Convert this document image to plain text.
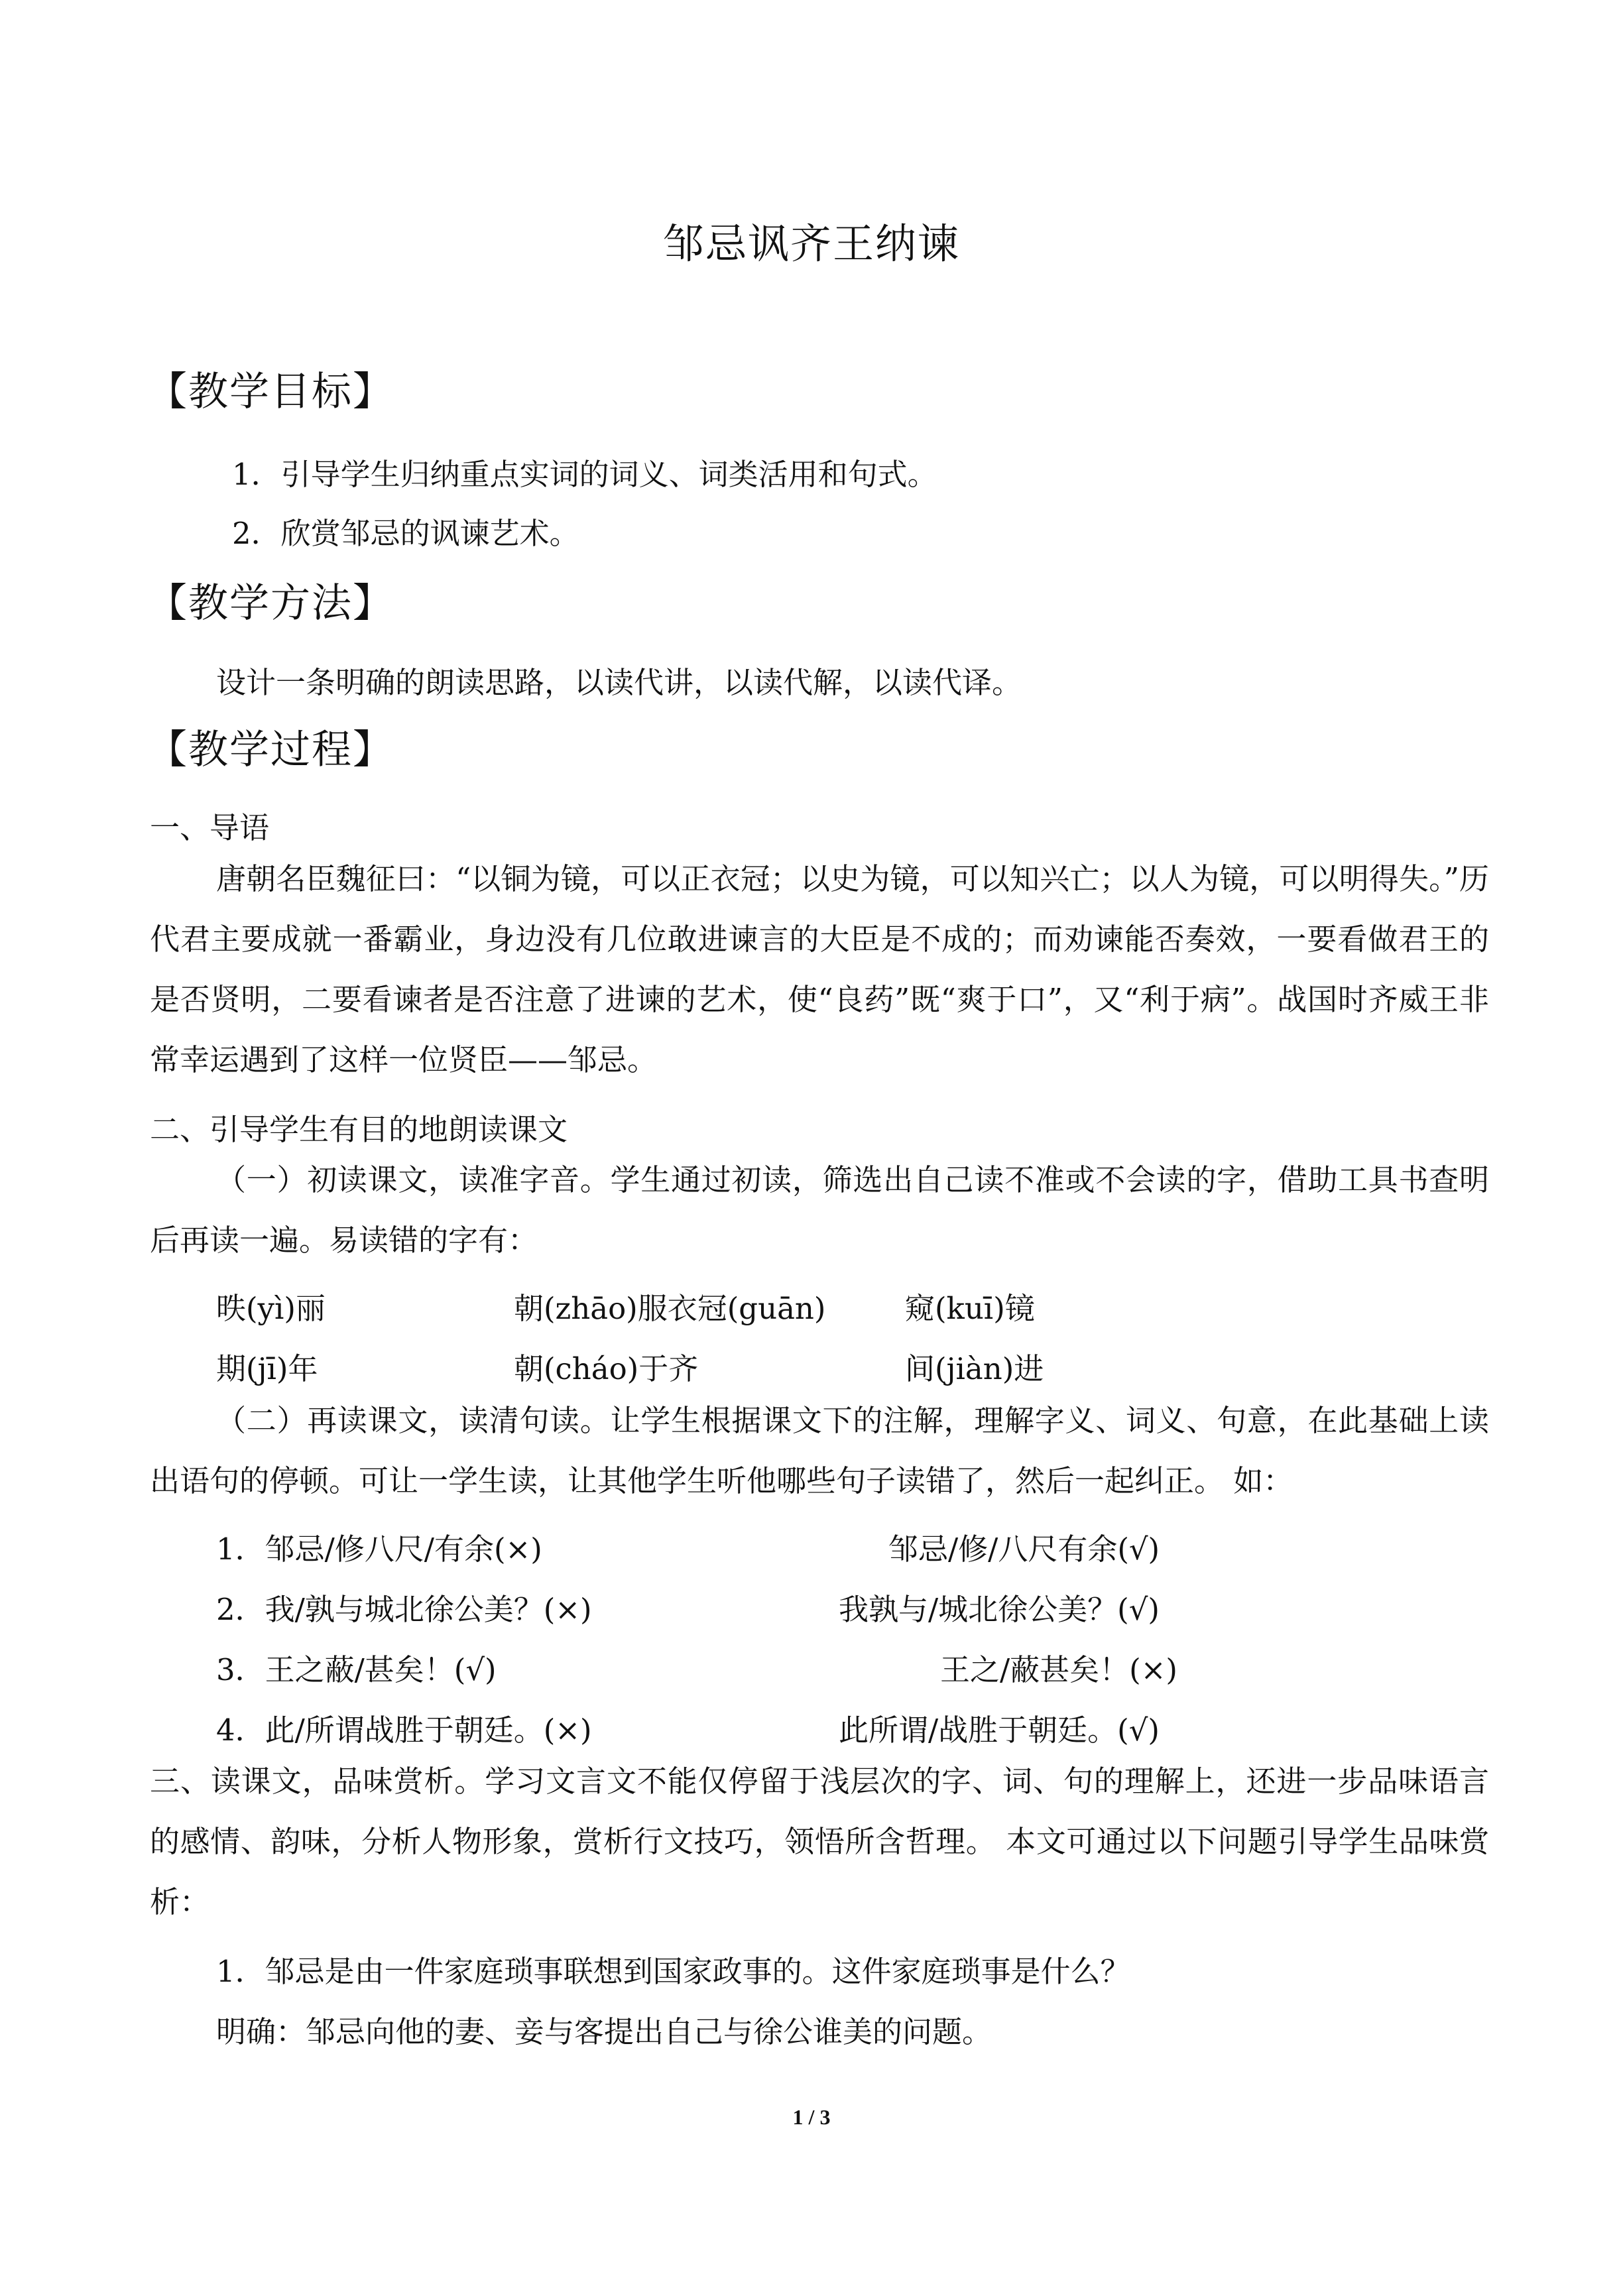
邹忌讽齐王纳谏
【教学目标】
1．引导学生归纳重点实词的词义、词类活用和句式。
2．欣赏邹忌的讽谏艺术。
【教学方法】
设计一条明确的朗读思路，以读代讲，以读代解，以读代译。
【教学过程】
一、导语
唐朝名臣魏征曰：“以铜为镜，可以正衣冠；以史为镜，可以知兴亡；以人为镜，可以明得失。”历代君主要成就一番霸业，身边没有几位敢进谏言的大臣是不成的；而劝谏能否奏效，一要看做君王的是否贤明，二要看谏者是否注意了进谏的艺术，使“良药”既“爽于口”，又“利于病”。战国时齐威王非常幸运遇到了这样一位贤臣——邹忌。
二、引导学生有目的地朗读课文
（一）初读课文，读准字音。学生通过初读，筛选出自己读不准或不会读的字，借助工具书查明后再读一遍。易读错的字有：
昳(yì)丽	朝(zhāo)服衣冠(guān)	窥(kuī)镜
期(jī)年	朝(cháo)于齐	间(jiàn)进
（二）再读课文，读清句读。让学生根据课文下的注解，理解字义、词义、句意，在此基础上读出语句的停顿。可让一学生读，让其他学生听他哪些句子读错了，然后一起纠正。 如：
1．邹忌/修八尺/有余(×)	邹忌/修/八尺有余(√)
2．我/孰与城北徐公美？(×)	我孰与/城北徐公美？(√)
3．王之蔽/甚矣！(√)	王之/蔽甚矣！(×)
4．此/所谓战胜于朝廷。(×)	此所谓/战胜于朝廷。(√)
三、读课文，品味赏析。学习文言文不能仅停留于浅层次的字、词、句的理解上，还进一步品味语言的感情、韵味，分析人物形象，赏析行文技巧，领悟所含哲理。 本文可通过以下问题引导学生品味赏析：
1．邹忌是由一件家庭琐事联想到国家政事的。这件家庭琐事是什么？
明确：邹忌向他的妻、妾与客提出自己与徐公谁美的问题。
1 / 3
